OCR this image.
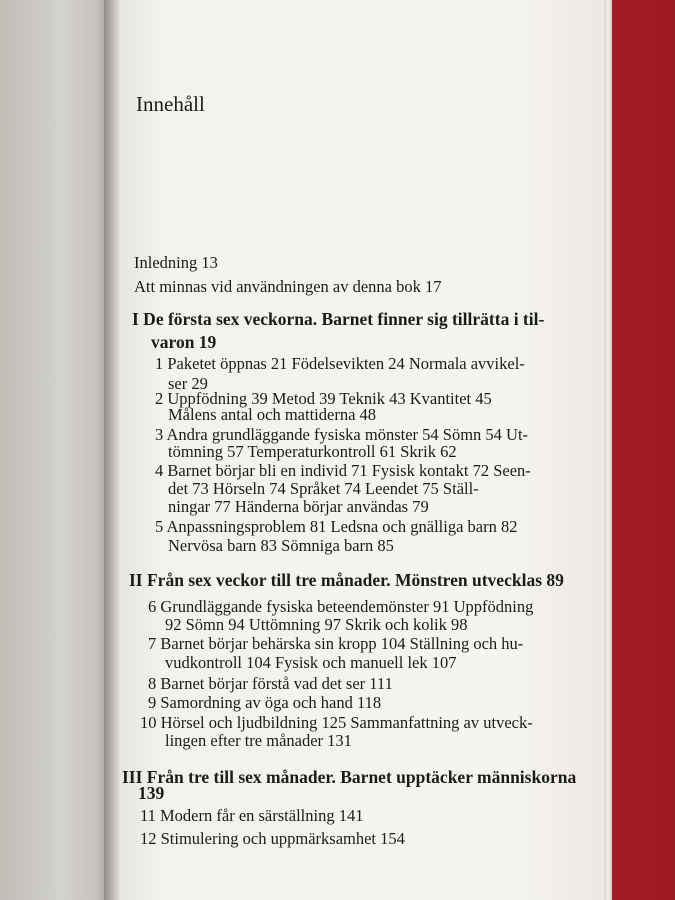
Innehåll
Inledning 13
Att minnas vid användningen av denna bok 17
I De första sex veckorna. Barnet finner sig tillrätta i til-
varon 19
1 Paketet öppnas 21 Födelsevikten 24 Normala avvikel-
ser 29
2 Uppfödning 39 Metod 39 Teknik 43 Kvantitet 45
Målens antal och mattiderna 48
3 Andra grundläggande fysiska mönster 54 Sömn 54 Ut-
tömning 57 Temperaturkontroll 61 Skrik 62
4 Barnet börjar bli en individ 71 Fysisk kontakt 72 Seen-
det 73 Hörseln 74 Språket 74 Leendet 75 Ställ-
ningar 77 Händerna börjar användas 79
5 Anpassningsproblem 81 Ledsna och gnälliga barn 82
Nervösa barn 83 Sömniga barn 85
II Från sex veckor till tre månader. Mönstren utvecklas 89
6 Grundläggande fysiska beteendemönster 91 Uppfödning
92 Sömn 94 Uttömning 97 Skrik och kolik 98
7 Barnet börjar behärska sin kropp 104 Ställning och hu-
vudkontroll 104 Fysisk och manuell lek 107
8 Barnet börjar förstå vad det ser 111
9 Samordning av öga och hand 118
10 Hörsel och ljudbildning 125 Sammanfattning av utveck-
lingen efter tre månader 131
III Från tre till sex månader. Barnet upptäcker människorna
139
11 Modern får en särställning 141
12 Stimulering och uppmärksamhet 154
